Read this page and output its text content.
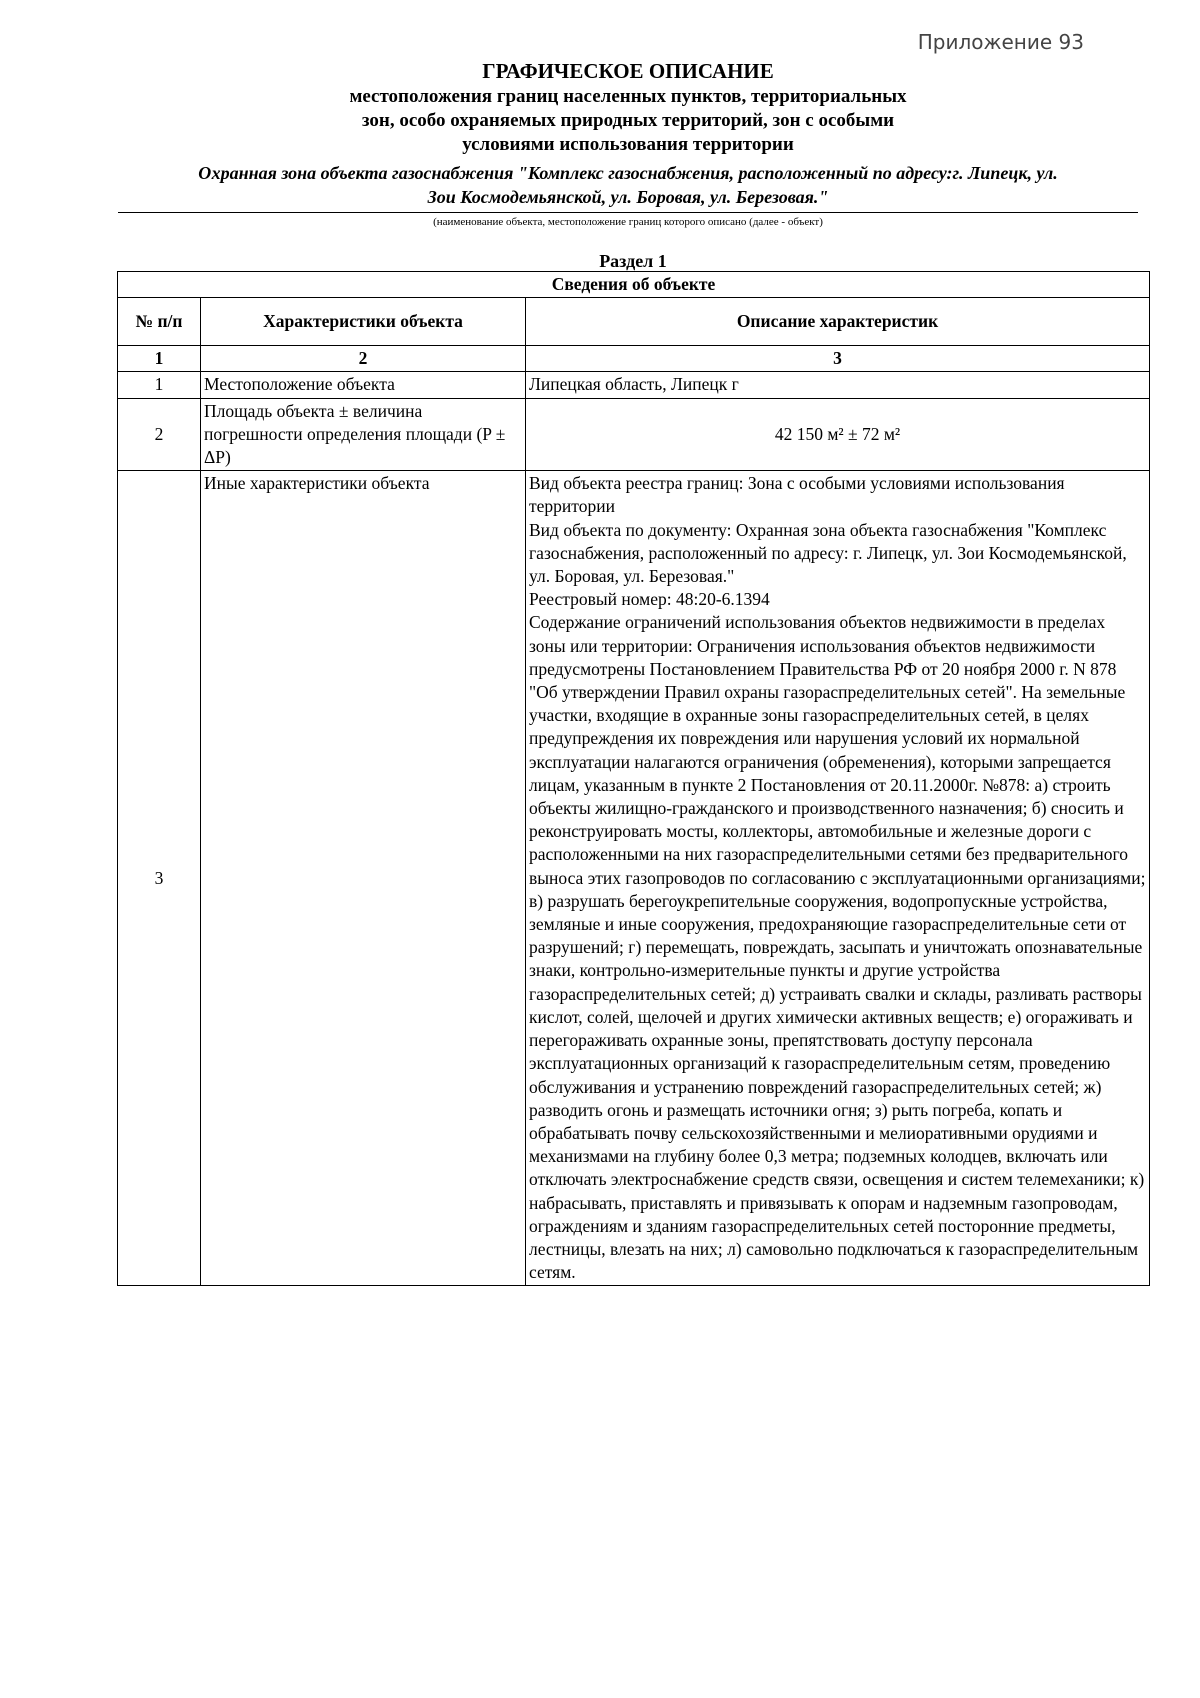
Приложение 93
ГРАФИЧЕСКОЕ ОПИСАНИЕ
местоположения границ населенных пунктов, территориальных
зон, особо охраняемых природных территорий, зон с особыми
условиями использования территории
Охранная зона объекта газоснабжения "Комплекс газоснабжения, расположенный по адресу:г. Липецк, ул.
Зои Космодемьянской, ул. Боровая, ул. Березовая."
(наименование объекта, местоположение границ которого описано (далее - объект)
Раздел 1
Сведения об объекте		
№ п/п	Характеристики объекта	Описание характеристик
1	2	3
1	Местоположение объекта	Липецкая область, Липецк г
2	Площадь объекта ± величина погрешности определения площади (P ± ΔP)	42 150 м² ± 72 м²
3	Иные характеристики объекта	Вид объекта реестра границ: Зона с особыми условиями использования территории
Вид объекта по документу: Охранная зона объекта газоснабжения "Комплекс газоснабжения, расположенный по адресу: г. Липецк, ул. Зои Космодемьянской, ул. Боровая, ул. Березовая."
Реестровый номер: 48:20-6.1394
Содержание ограничений использования объектов недвижимости в пределах зоны или территории: Ограничения использования объектов недвижимости предусмотрены Постановлением Правительства РФ от 20 ноября 2000 г. N 878 "Об утверждении Правил охраны газораспределительных сетей". На земельные участки, входящие в охранные зоны газораспределительных сетей, в целях предупреждения их повреждения или нарушения условий их нормальной эксплуатации налагаются ограничения (обременения), которыми запрещается лицам, указанным в пункте 2 Постановления от 20.11.2000г. №878: а) строить объекты жилищно-гражданского и производственного назначения; б) сносить и реконструировать мосты, коллекторы, автомобильные и железные дороги с расположенными на них газораспределительными сетями без предварительного выноса этих газопроводов по согласованию с эксплуатационными организациями; в) разрушать берегоукрепительные сооружения, водопропускные устройства, земляные и иные сооружения, предохраняющие газораспределительные сети от разрушений; г) перемещать, повреждать, засыпать и уничтожать опознавательные знаки, контрольно-измерительные пункты и другие устройства газораспределительных сетей; д) устраивать свалки и склады, разливать растворы кислот, солей, щелочей и других химически активных веществ; е) огораживать и перегораживать охранные зоны, препятствовать доступу персонала эксплуатационных организаций к газораспределительным сетям, проведению обслуживания и устранению повреждений газораспределительных сетей; ж) разводить огонь и размещать источники огня; з) рыть погреба, копать и обрабатывать почву сельскохозяйственными и мелиоративными орудиями и механизмами на глубину более 0,3 метра; подземных колодцев, включать или отключать электроснабжение средств связи, освещения и систем телемеханики; к) набрасывать, приставлять и привязывать к опорам и надземным газопроводам, ограждениям и зданиям газораспределительных сетей посторонние предметы, лестницы, влезать на них; л) самовольно подключаться к газораспределительным сетям.
